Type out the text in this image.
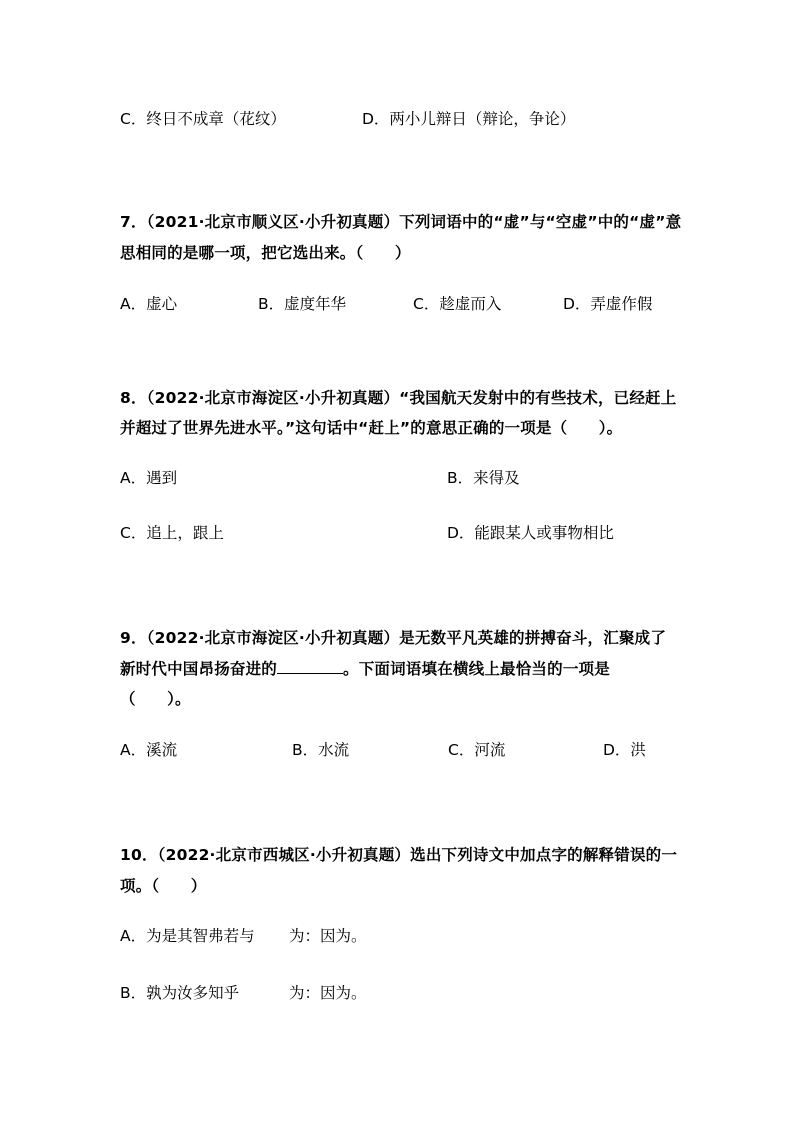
C．终日不成章（花纹）	D．两小儿辩日（辩论，争论）
7．（2021·北京市顺义区·小升初真题）下列词语中的“虚”与“空虚”中的“虚”意
思相同的是哪一项，把它选出来。（　　）
A．虚心	B．虚度年华	C．趁虚而入	D．弄虚作假
8．（2022·北京市海淀区·小升初真题）“我国航天发射中的有些技术，已经赶上
并超过了世界先进水平。”这句话中“赶上”的意思正确的一项是（　　）。
A．遇到	B．来得及
C．追上，跟上	D．能跟某人或事物相比
9．（2022·北京市海淀区·小升初真题）是无数平凡英雄的拼搏奋斗，汇聚成了
新时代中国昂扬奋进的	。下面词语填在横线上最恰当的一项是
（　　）。
A．溪流	B．水流	C．河流	D．洪
10．（2022·北京市西城区·小升初真题）选出下列诗文中加点字的解释错误的一
项。（　　）
A．为是其智弗若与 为：因为。
B．孰为汝多知乎	为：因为。
